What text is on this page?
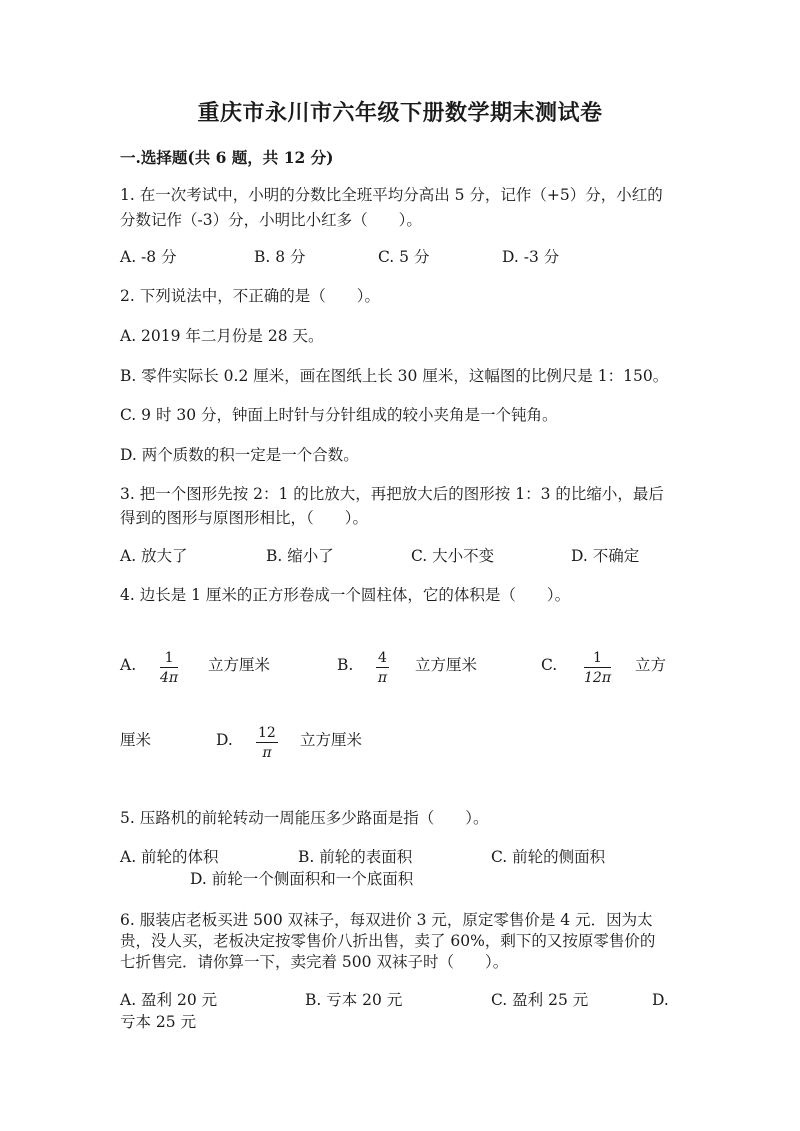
重庆市永川市六年级下册数学期末测试卷
一.选择题(共 6 题，共 12 分)
1. 在一次考试中，小明的分数比全班平均分高出 5 分，记作（+5）分，小红的
分数记作（-3）分，小明比小红多（　　）。
A. -8 分	B. 8 分	C. 5 分	D. -3 分
2. 下列说法中，不正确的是（　　）。
A. 2019 年二月份是 28 天。
B. 零件实际长 0.2 厘米，画在图纸上长 30 厘米，这幅图的比例尺是 1：150。
C. 9 时 30 分，钟面上时针与分针组成的较小夹角是一个钝角。
D. 两个质数的积一定是一个合数。
3. 把一个图形先按 2：1 的比放大，再把放大后的图形按 1：3 的比缩小，最后
得到的图形与原图形相比，（　　）。
A. 放大了	B. 缩小了	C. 大小不变	D. 不确定
4. 边长是 1 厘米的正方形卷成一个圆柱体，它的体积是（　　）。
A. 1
4π
立方厘米	B. 4
π
立方厘米	C.	1
12π
立方
厘米	D. 12
π
立方厘米
5. 压路机的前轮转动一周能压多少路面是指（　　）。
A. 前轮的体积	B. 前轮的表面积	C. 前轮的侧面积
D. 前轮一个侧面积和一个底面积
6. 服装店老板买进 500 双袜子，每双进价 3 元，原定零售价是 4 元．因为太
贵，没人买，老板决定按零售价八折出售，卖了 60%，剩下的又按原零售价的
七折售完．请你算一下，卖完着 500 双袜子时（　　）。
A. 盈利 20 元	B. 亏本 20 元	C. 盈利 25 元	D.
亏本 25 元
